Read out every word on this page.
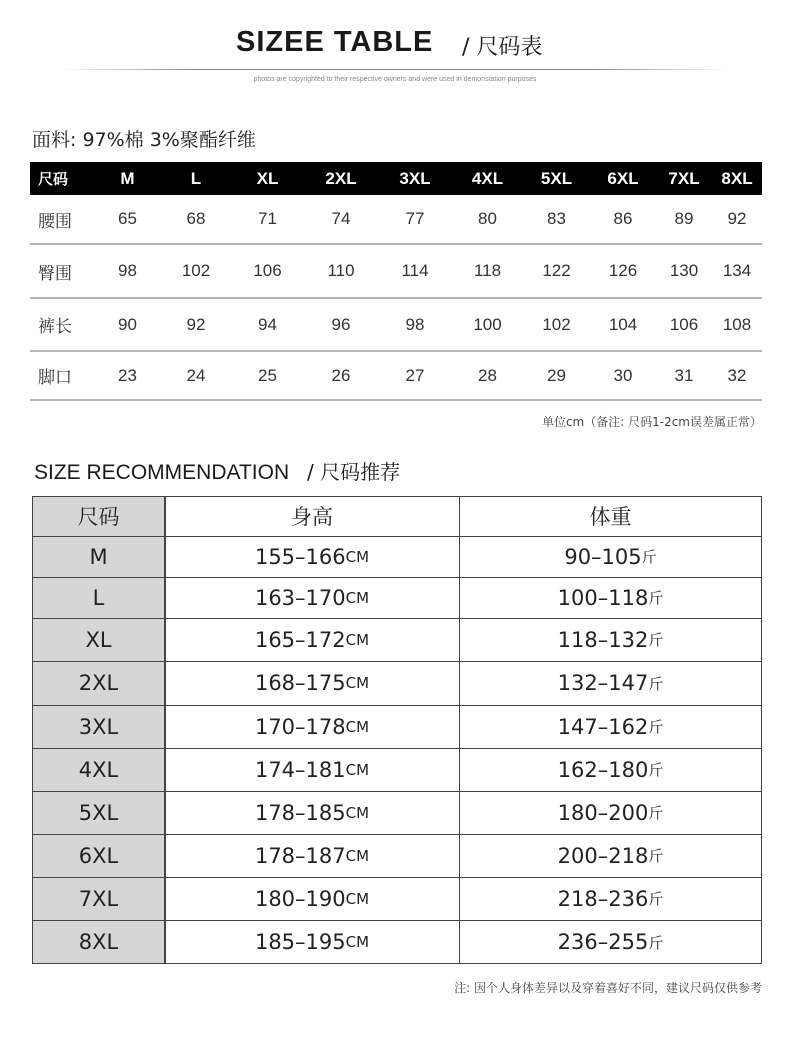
SIZEE TABLE / 尺码表
photos are copyrighted to their respective owners and were used in demonstation purposes
面料: 97%棉 3%聚酯纤维
尺码	M	L	XL	2XL	3XL	4XL	5XL	6XL	7XL	8XL
腰围	65	68	71	74	77	80	83	86	89	92
臀围	98	102	106	110	114	118	122	126	130	134
裤长	90	92	94	96	98	100	102	104	106	108
脚口	23	24	25	26	27	28	29	30	31	32
单位cm（备注: 尺码1-2cm误差属正常）
SIZE RECOMMENDATION / 尺码推荐
尺码	身高	体重
M	155–166 CM	90–105 斤
L	163–170 CM	100–118 斤
XL	165–172 CM	118–132 斤
2XL	168–175 CM	132–147 斤
3XL	170–178 CM	147–162 斤
4XL	174–181 CM	162–180 斤
5XL	178–185 CM	180–200 斤
6XL	178–187 CM	200–218 斤
7XL	180–190 CM	218–236 斤
8XL	185–195 CM	236–255 斤
注: 因个人身体差异以及穿着喜好不同，建议尺码仅供参考
